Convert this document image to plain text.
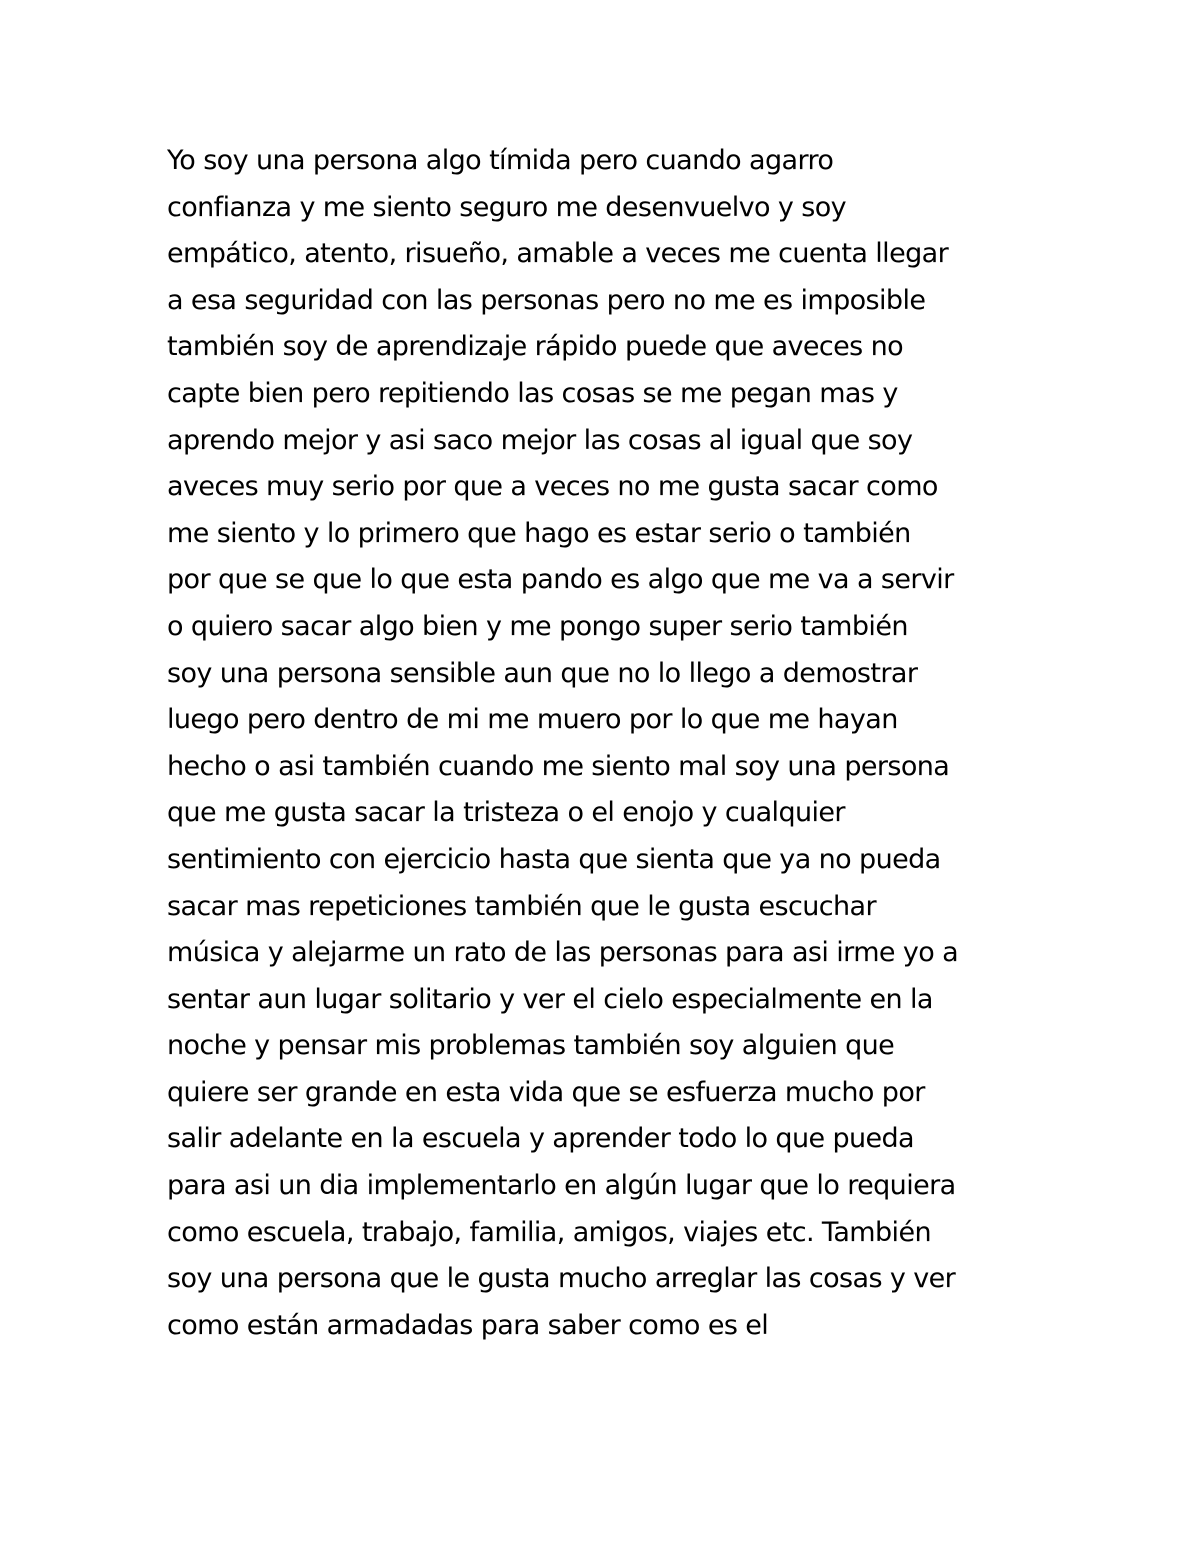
Yo soy una persona algo tímida pero cuando agarro
confianza y me siento seguro me desenvuelvo y soy
empático, atento, risueño, amable a veces me cuenta llegar
a esa seguridad con las personas pero no me es imposible
también soy de aprendizaje rápido puede que aveces no
capte bien pero repitiendo las cosas se me pegan mas y
aprendo mejor y asi saco mejor las cosas al igual que soy
aveces muy serio por que a veces no me gusta sacar como
me siento y lo primero que hago es estar serio o también
por que se que lo que esta pando es algo que me va a servir
o quiero sacar algo bien y me pongo super serio también
soy una persona sensible aun que no lo llego a demostrar
luego pero dentro de mi me muero por lo que me hayan
hecho o asi también cuando me siento mal soy una persona
que me gusta sacar la tristeza o el enojo y cualquier
sentimiento con ejercicio hasta que sienta que ya no pueda
sacar mas repeticiones también que le gusta escuchar
música y alejarme un rato de las personas para asi irme yo a
sentar aun lugar solitario y ver el cielo especialmente en la
noche y pensar mis problemas también soy alguien que
quiere ser grande en esta vida que se esfuerza mucho por
salir adelante en la escuela y aprender todo lo que pueda
para asi un dia implementarlo en algún lugar que lo requiera
como escuela, trabajo, familia, amigos, viajes etc. También
soy una persona que le gusta mucho arreglar las cosas y ver
como están armadadas para saber como es el
